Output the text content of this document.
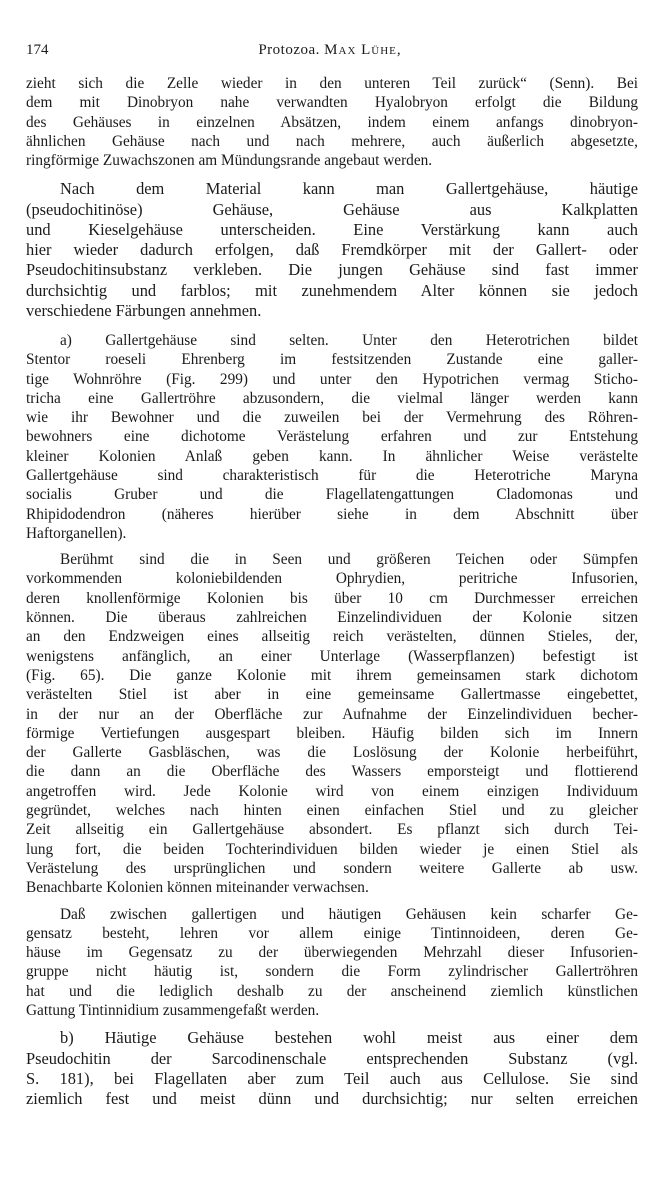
174	Protozoa. Max Lühe,

zieht sich die Zelle wieder in den unteren Teil zurück“ (Senn). Bei
dem mit Dinobryon nahe verwandten Hyalobryon erfolgt die Bildung
des Gehäuses in einzelnen Absätzen, indem einem anfangs dinobryon-
ähnlichen Gehäuse nach und nach mehrere, auch äußerlich abgesetzte,
ringförmige Zuwachszonen am Mündungsrande angebaut werden.

Nach dem Material kann man Gallertgehäuse, häutige
(pseudochitinöse) Gehäuse, Gehäuse aus Kalkplatten
und Kieselgehäuse unterscheiden. Eine Verstärkung kann auch
hier wieder dadurch erfolgen, daß Fremdkörper mit der Gallert- oder
Pseudochitinsubstanz verkleben. Die jungen Gehäuse sind fast immer
durchsichtig und farblos; mit zunehmendem Alter können sie jedoch
verschiedene Färbungen annehmen.

a) Gallertgehäuse sind selten. Unter den Heterotrichen bildet
Stentor roeseli Ehrenberg im festsitzenden Zustande eine galler-
tige Wohnröhre (Fig. 299) und unter den Hypotrichen vermag Sticho-
tricha eine Gallertröhre abzusondern, die vielmal länger werden kann
wie ihr Bewohner und die zuweilen bei der Vermehrung des Röhren-
bewohners eine dichotome Verästelung erfahren und zur Entstehung
kleiner Kolonien Anlaß geben kann. In ähnlicher Weise verästelte
Gallertgehäuse sind charakteristisch für die Heterotriche Maryna
socialis Gruber und die Flagellatengattungen Cladomonas und
Rhipidodendron (näheres hierüber siehe in dem Abschnitt über
Haftorganellen).

Berühmt sind die in Seen und größeren Teichen oder Sümpfen
vorkommenden koloniebildenden Ophrydien, peritriche Infusorien,
deren knollenförmige Kolonien bis über 10 cm Durchmesser erreichen
können. Die überaus zahlreichen Einzelindividuen der Kolonie sitzen
an den Endzweigen eines allseitig reich verästelten, dünnen Stieles, der,
wenigstens anfänglich, an einer Unterlage (Wasserpflanzen) befestigt ist
(Fig. 65). Die ganze Kolonie mit ihrem gemeinsamen stark dichotom
verästelten Stiel ist aber in eine gemeinsame Gallertmasse eingebettet,
in der nur an der Oberfläche zur Aufnahme der Einzelindividuen becher-
förmige Vertiefungen ausgespart bleiben. Häufig bilden sich im Innern
der Gallerte Gasbläschen, was die Loslösung der Kolonie herbeiführt,
die dann an die Oberfläche des Wassers emporsteigt und flottierend
angetroffen wird. Jede Kolonie wird von einem einzigen Individuum
gegründet, welches nach hinten einen einfachen Stiel und zu gleicher
Zeit allseitig ein Gallertgehäuse absondert. Es pflanzt sich durch Tei-
lung fort, die beiden Tochterindividuen bilden wieder je einen Stiel als
Verästelung des ursprünglichen und sondern weitere Gallerte ab usw.
Benachbarte Kolonien können miteinander verwachsen.

Daß zwischen gallertigen und häutigen Gehäusen kein scharfer Ge-
gensatz besteht, lehren vor allem einige Tintinnoideen, deren Ge-
häuse im Gegensatz zu der überwiegenden Mehrzahl dieser Infusorien-
gruppe nicht häutig ist, sondern die Form zylindrischer Gallertröhren
hat und die lediglich deshalb zu der anscheinend ziemlich künstlichen
Gattung Tintinnidium zusammengefaßt werden.

b) Häutige Gehäuse bestehen wohl meist aus einer dem
Pseudochitin der Sarcodinenschale entsprechenden Substanz (vgl.
S. 181), bei Flagellaten aber zum Teil auch aus Cellulose. Sie sind
ziemlich fest und meist dünn und durchsichtig; nur selten erreichen
